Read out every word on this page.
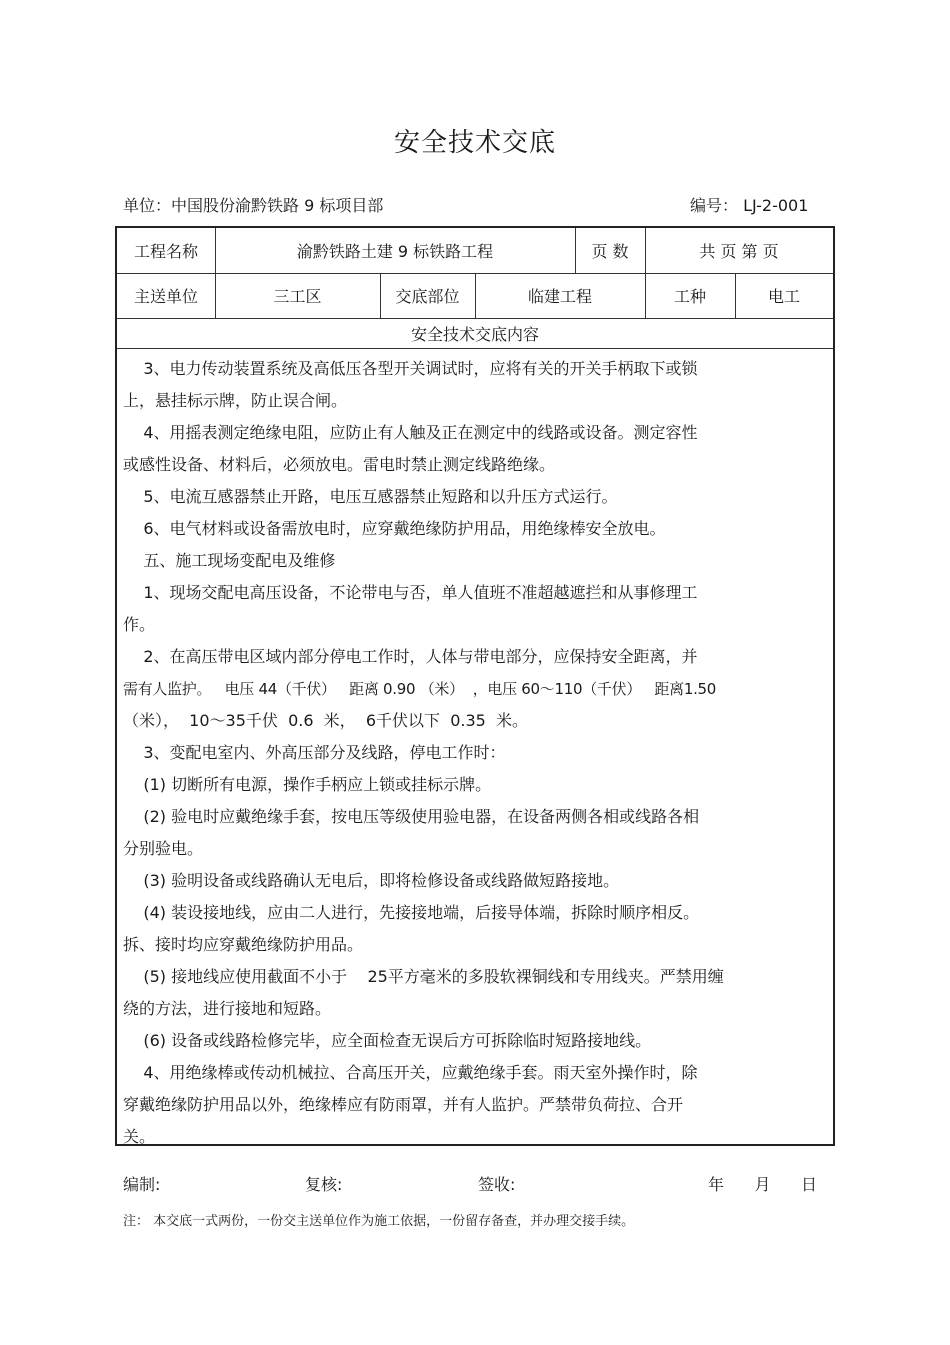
安全技术交底
单位：中国股份渝黔铁路 9 标项目部	编号： LJ-2-001
工程名称	渝黔铁路土建 9 标铁路工程	页 数	共 页 第 页
主送单位	三工区	交底部位	临建工程	工种	电工
安全技术交底内容
3、电力传动装置系统及高低压各型开关调试时，应将有关的开关手柄取下或锁
上，悬挂标示牌，防止误合闸。
4、用摇表测定绝缘电阻，应防止有人触及正在测定中的线路或设备。测定容性
或感性设备、材料后，必须放电。雷电时禁止测定线路绝缘。
5、电流互感器禁止开路，电压互感器禁止短路和以升压方式运行。
6、电气材料或设备需放电时，应穿戴绝缘防护用品，用绝缘棒安全放电。
五、施工现场变配电及维修
1、现场交配电高压设备，不论带电与否，单人值班不准超越遮拦和从事修理工
作。
2、在高压带电区域内部分停电工作时，人体与带电部分，应保持安全距离，并
需有人监护。   电压 44（千伏）   距离 0.90 （米）  ，电压 60～110（千伏）   距离1.50
（米），  10～35千伏  0.6  米，  6千伏以下  0.35  米。
3、变配电室内、外高压部分及线路，停电工作时：
(1) 切断所有电源，操作手柄应上锁或挂标示牌。
(2) 验电时应戴绝缘手套，按电压等级使用验电器，在设备两侧各相或线路各相
分别验电。
(3) 验明设备或线路确认无电后，即将检修设备或线路做短路接地。
(4) 装设接地线，应由二人进行，先接接地端，后接导体端，拆除时顺序相反。
拆、接时均应穿戴绝缘防护用品。
(5) 接地线应使用截面不小于    25平方毫米的多股软裸铜线和专用线夹。严禁用缠
绕的方法，进行接地和短路。
(6) 设备或线路检修完毕，应全面检查无误后方可拆除临时短路接地线。
4、用绝缘棒或传动机械拉、合高压开关，应戴绝缘手套。雨天室外操作时，除
穿戴绝缘防护用品以外，绝缘棒应有防雨罩，并有人监护。严禁带负荷拉、合开
关。
编制:	复核:	签收:	年      月      日
注： 本交底一式两份，一份交主送单位作为施工依据，一份留存备查，并办理交接手续。
